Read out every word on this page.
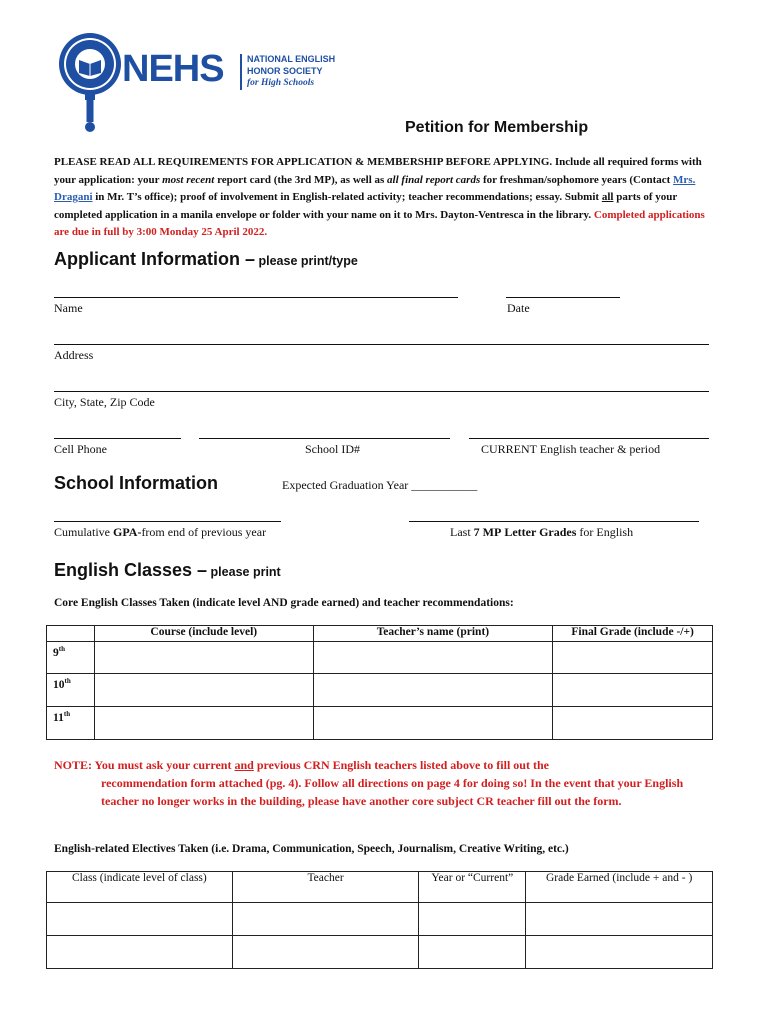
NEHS	NATIONAL ENGLISH
HONOR SOCIETY
for High Schools
Petition for Membership
PLEASE READ ALL REQUIREMENTS FOR APPLICATION & MEMBERSHIP BEFORE APPLYING. Include all required forms with your application: your most recent report card (the 3rd MP), as well as all final report cards for freshman/sophomore years (Contact Mrs. Dragani in Mr. T’s office); proof of involvement in English-related activity; teacher recommendations; essay. Submit all parts of your completed application in a manila envelope or folder with your name on it to Mrs. Dayton-Ventresca in the library. Completed applications are due in full by 3:00 Monday 25 April 2022.
Applicant Information – please print/type
Name	Date
Address
City, State, Zip Code
Cell Phone	School ID#	CURRENT English teacher & period
School Information	Expected Graduation Year ___________
Cumulative GPA-from end of previous year	Last 7 MP Letter Grades for English
English Classes – please print
Core English Classes Taken (indicate level AND grade earned) and teacher recommendations:
	Course (include level)	Teacher’s name (print)	Final Grade (include -/+)
9th			
10th			
11th			
NOTE: You must ask your current and previous CRN English teachers listed above to fill out the
recommendation form attached (pg. 4). Follow all directions on page 4 for doing so! In the event that your English teacher no longer works in the building, please have another core subject CR teacher fill out the form.
English-related Electives Taken (i.e. Drama, Communication, Speech, Journalism, Creative Writing, etc.)
Class (indicate level of class)	Teacher	Year or “Current”	Grade Earned (include + and - )
